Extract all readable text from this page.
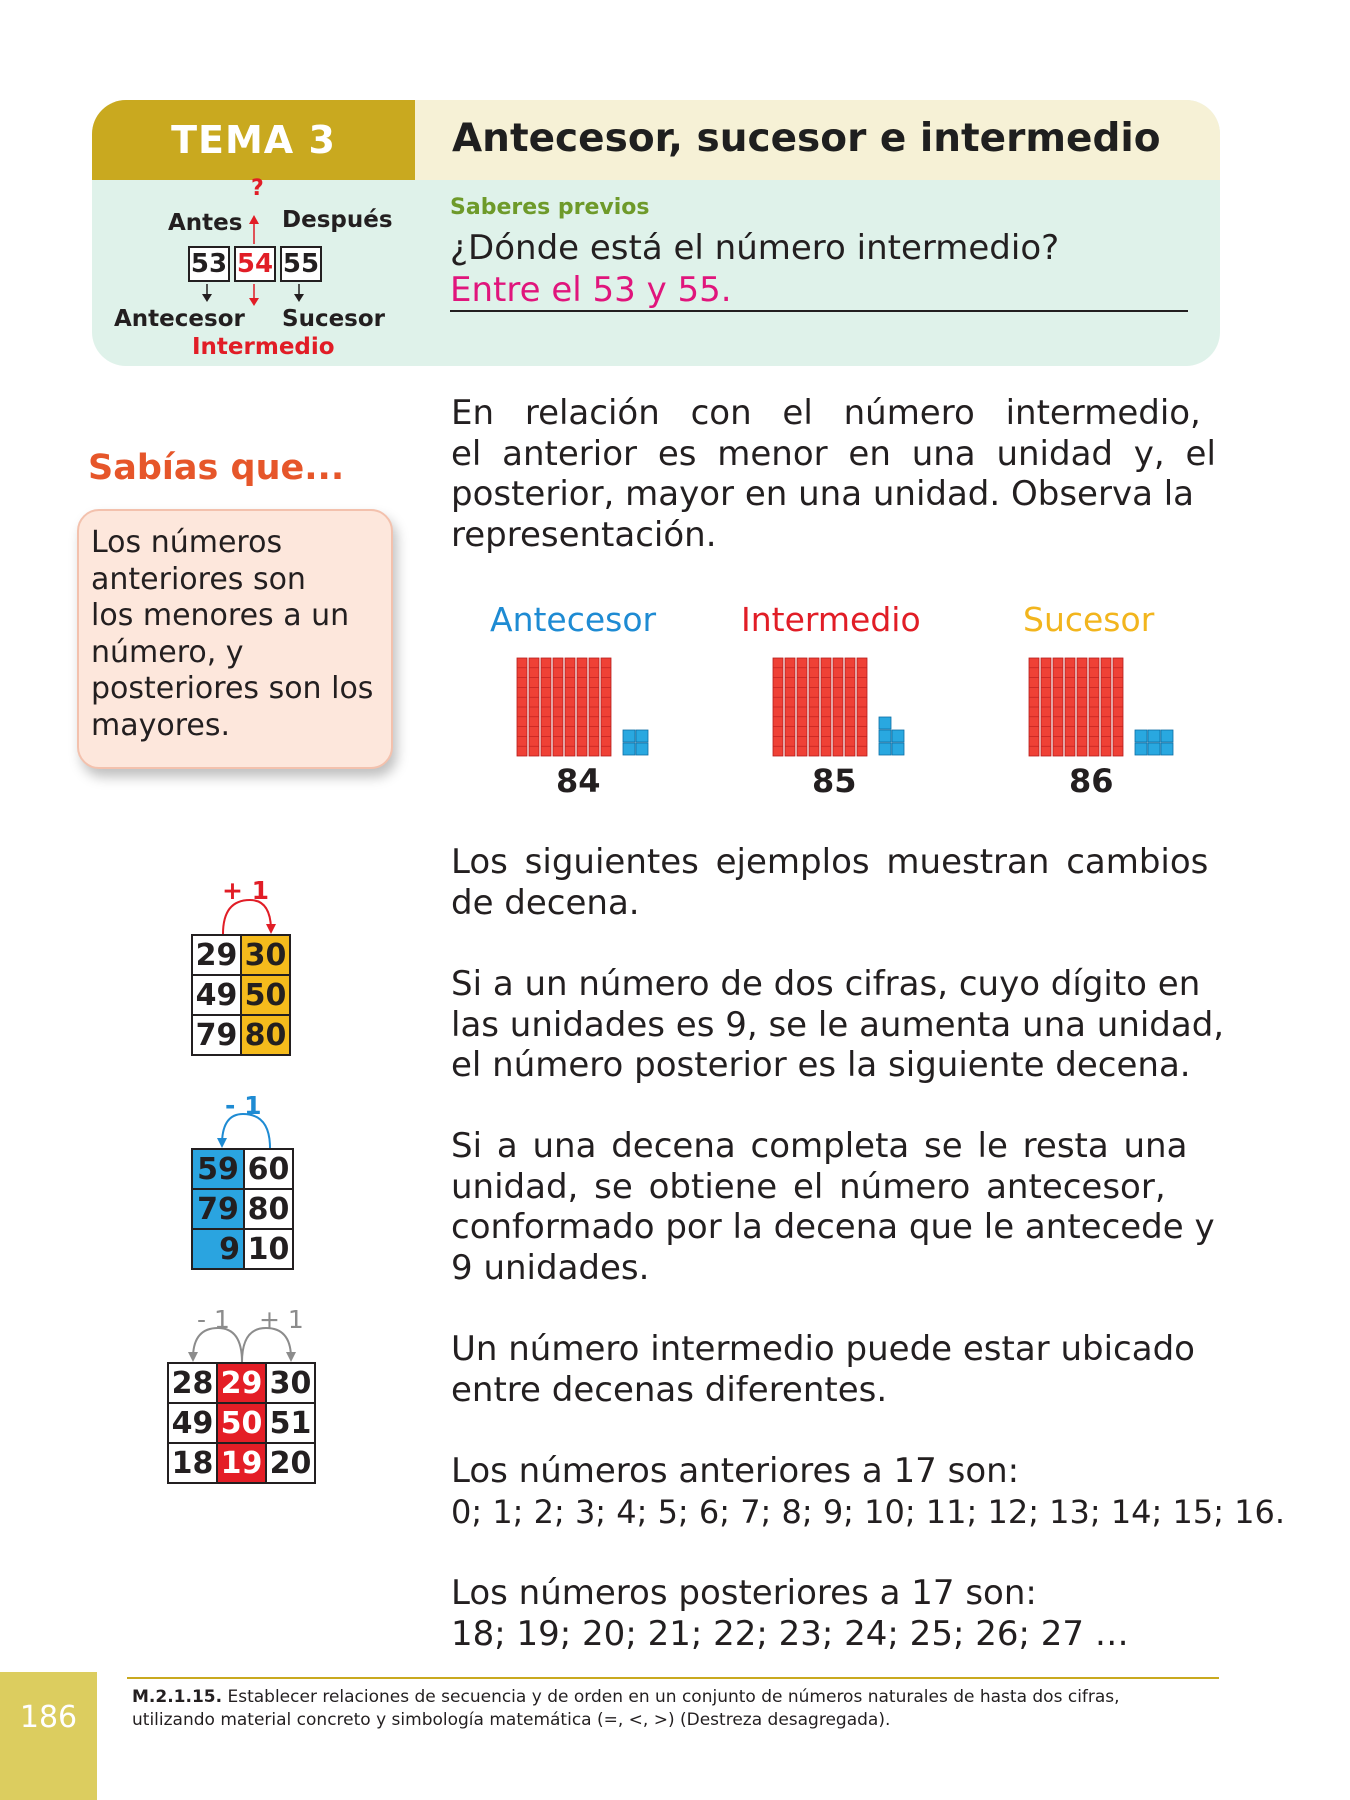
TEMA 3	Antecesor, sucesor e intermedio
Saberes previos
¿Dónde está el número intermedio?
Entre el 53 y 55.
?
Antes Después
53 54 55
Antecesor Sucesor
Intermedio
Sabías que...
Los números
anteriores son
los menores a un
número, y
posteriores son los
mayores.
En relación con el número intermedio,
el anterior es menor en una unidad y, el
posterior, mayor en una unidad. Observa la
representación.
Antecesor	Intermedio	Sucesor
84	85	86
Los siguientes ejemplos muestran cambios
de decena.
Si a un número de dos cifras, cuyo dígito en
las unidades es 9, se le aumenta una unidad,
el número posterior es la siguiente decena.
Si a una decena completa se le resta una
unidad, se obtiene el número antecesor,
conformado por la decena que le antecede y
9 unidades.
Un número intermedio puede estar ubicado
entre decenas diferentes.
Los números anteriores a 17 son:
0; 1; 2; 3; 4; 5; 6; 7; 8; 9; 10; 11; 12; 13; 14; 15; 16.
Los números posteriores a 17 son:
18; 19; 20; 21; 22; 23; 24; 25; 26; 27 …
+ 1
29	30
49	50
79	80
- 1
59	60
79	80
9	10
- 1 + 1
28	29	30
49	50	51
18	19	20
186
M.2.1.15. Establecer relaciones de secuencia y de orden en un conjunto de números naturales de hasta dos cifras,
utilizando material concreto y simbología matemática (=, <, >) (Destreza desagregada).
